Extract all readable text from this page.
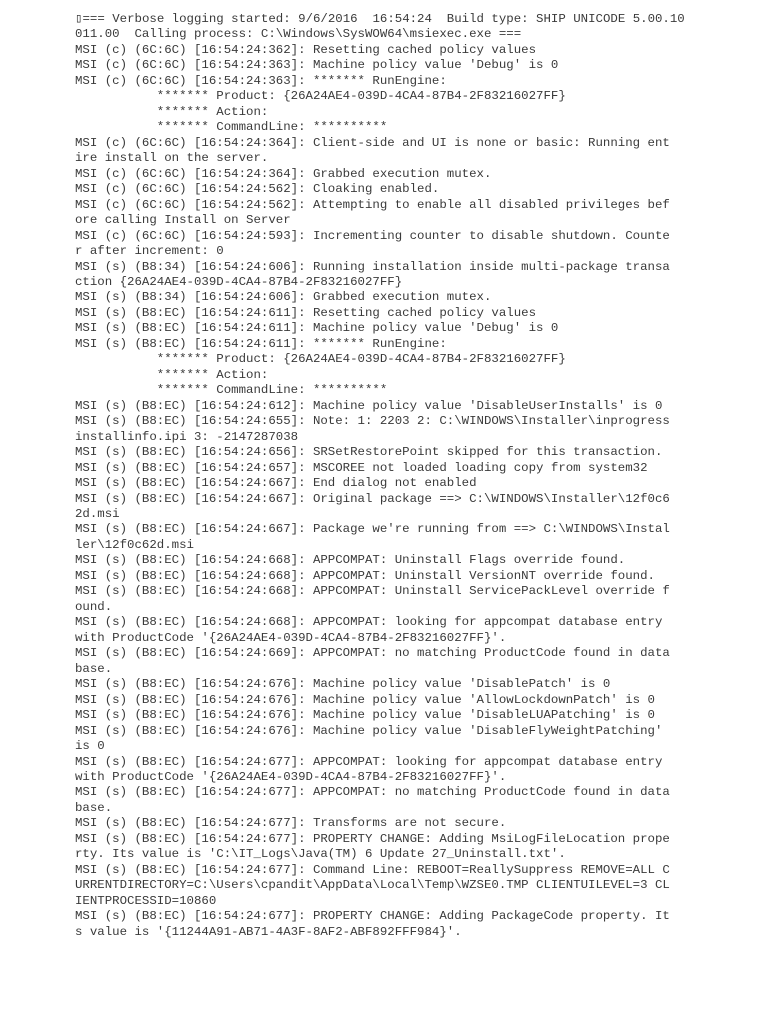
▯=== Verbose logging started: 9/6/2016  16:54:24  Build type: SHIP UNICODE 5.00.10
011.00  Calling process: C:\Windows\SysWOW64\msiexec.exe ===
MSI (c) (6C:6C) [16:54:24:362]: Resetting cached policy values
MSI (c) (6C:6C) [16:54:24:363]: Machine policy value 'Debug' is 0
MSI (c) (6C:6C) [16:54:24:363]: ******* RunEngine:
******* Product: {26A24AE4-039D-4CA4-87B4-2F83216027FF}
******* Action:
******* CommandLine: **********
MSI (c) (6C:6C) [16:54:24:364]: Client-side and UI is none or basic: Running ent
ire install on the server.
MSI (c) (6C:6C) [16:54:24:364]: Grabbed execution mutex.
MSI (c) (6C:6C) [16:54:24:562]: Cloaking enabled.
MSI (c) (6C:6C) [16:54:24:562]: Attempting to enable all disabled privileges bef
ore calling Install on Server
MSI (c) (6C:6C) [16:54:24:593]: Incrementing counter to disable shutdown. Counte
r after increment: 0
MSI (s) (B8:34) [16:54:24:606]: Running installation inside multi-package transa
ction {26A24AE4-039D-4CA4-87B4-2F83216027FF}
MSI (s) (B8:34) [16:54:24:606]: Grabbed execution mutex.
MSI (s) (B8:EC) [16:54:24:611]: Resetting cached policy values
MSI (s) (B8:EC) [16:54:24:611]: Machine policy value 'Debug' is 0
MSI (s) (B8:EC) [16:54:24:611]: ******* RunEngine:
******* Product: {26A24AE4-039D-4CA4-87B4-2F83216027FF}
******* Action:
******* CommandLine: **********
MSI (s) (B8:EC) [16:54:24:612]: Machine policy value 'DisableUserInstalls' is 0
MSI (s) (B8:EC) [16:54:24:655]: Note: 1: 2203 2: C:\WINDOWS\Installer\inprogress
installinfo.ipi 3: -2147287038
MSI (s) (B8:EC) [16:54:24:656]: SRSetRestorePoint skipped for this transaction.
MSI (s) (B8:EC) [16:54:24:657]: MSCOREE not loaded loading copy from system32
MSI (s) (B8:EC) [16:54:24:667]: End dialog not enabled
MSI (s) (B8:EC) [16:54:24:667]: Original package ==> C:\WINDOWS\Installer\12f0c6
2d.msi
MSI (s) (B8:EC) [16:54:24:667]: Package we're running from ==> C:\WINDOWS\Instal
ler\12f0c62d.msi
MSI (s) (B8:EC) [16:54:24:668]: APPCOMPAT: Uninstall Flags override found.
MSI (s) (B8:EC) [16:54:24:668]: APPCOMPAT: Uninstall VersionNT override found.
MSI (s) (B8:EC) [16:54:24:668]: APPCOMPAT: Uninstall ServicePackLevel override f
ound.
MSI (s) (B8:EC) [16:54:24:668]: APPCOMPAT: looking for appcompat database entry
with ProductCode '{26A24AE4-039D-4CA4-87B4-2F83216027FF}'.
MSI (s) (B8:EC) [16:54:24:669]: APPCOMPAT: no matching ProductCode found in data
base.
MSI (s) (B8:EC) [16:54:24:676]: Machine policy value 'DisablePatch' is 0
MSI (s) (B8:EC) [16:54:24:676]: Machine policy value 'AllowLockdownPatch' is 0
MSI (s) (B8:EC) [16:54:24:676]: Machine policy value 'DisableLUAPatching' is 0
MSI (s) (B8:EC) [16:54:24:676]: Machine policy value 'DisableFlyWeightPatching'
is 0
MSI (s) (B8:EC) [16:54:24:677]: APPCOMPAT: looking for appcompat database entry
with ProductCode '{26A24AE4-039D-4CA4-87B4-2F83216027FF}'.
MSI (s) (B8:EC) [16:54:24:677]: APPCOMPAT: no matching ProductCode found in data
base.
MSI (s) (B8:EC) [16:54:24:677]: Transforms are not secure.
MSI (s) (B8:EC) [16:54:24:677]: PROPERTY CHANGE: Adding MsiLogFileLocation prope
rty. Its value is 'C:\IT_Logs\Java(TM) 6 Update 27_Uninstall.txt'.
MSI (s) (B8:EC) [16:54:24:677]: Command Line: REBOOT=ReallySuppress REMOVE=ALL C
URRENTDIRECTORY=C:\Users\cpandit\AppData\Local\Temp\WZSE0.TMP CLIENTUILEVEL=3 CL
IENTPROCESSID=10860
MSI (s) (B8:EC) [16:54:24:677]: PROPERTY CHANGE: Adding PackageCode property. It
s value is '{11244A91-AB71-4A3F-8AF2-ABF892FFF984}'.
